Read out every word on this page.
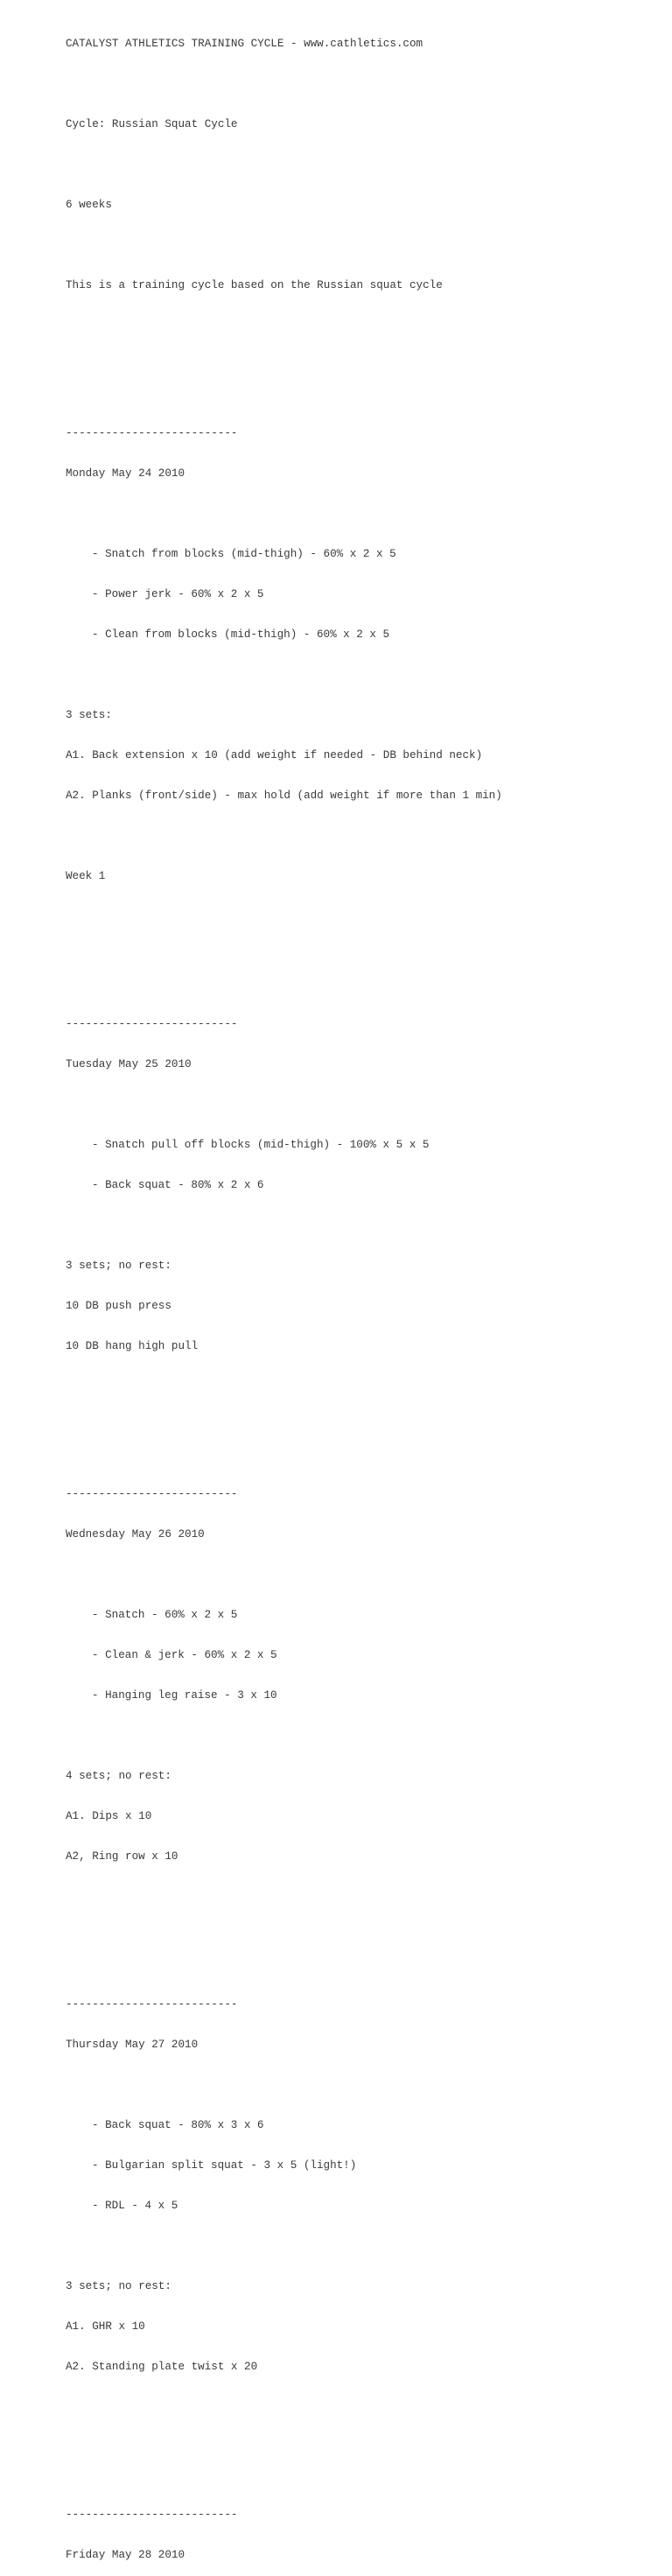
CATALYST ATHLETICS TRAINING CYCLE - www.cathletics.com

Cycle: Russian Squat Cycle

6 weeks

This is a training cycle based on the Russian squat cycle

--------------------------

Monday May 24 2010

- Snatch from blocks (mid-thigh) - 60% x 2 x 5

- Power jerk - 60% x 2 x 5

- Clean from blocks (mid-thigh) - 60% x 2 x 5

3 sets:

A1. Back extension x 10 (add weight if needed - DB behind neck)

A2. Planks (front/side) - max hold (add weight if more than 1 min)

Week 1

--------------------------

Tuesday May 25 2010

- Snatch pull off blocks (mid-thigh) - 100% x 5 x 5

- Back squat - 80% x 2 x 6

3 sets; no rest:

10 DB push press

10 DB hang high pull

--------------------------

Wednesday May 26 2010

- Snatch - 60% x 2 x 5

- Clean & jerk - 60% x 2 x 5

- Hanging leg raise - 3 x 10

4 sets; no rest:

A1. Dips x 10

A2, Ring row x 10

--------------------------

Thursday May 27 2010

- Back squat - 80% x 3 x 6

- Bulgarian split squat - 3 x 5 (light!)

- RDL - 4 x 5

3 sets; no rest:

A1. GHR x 10

A2. Standing plate twist x 20

--------------------------

Friday May 28 2010
